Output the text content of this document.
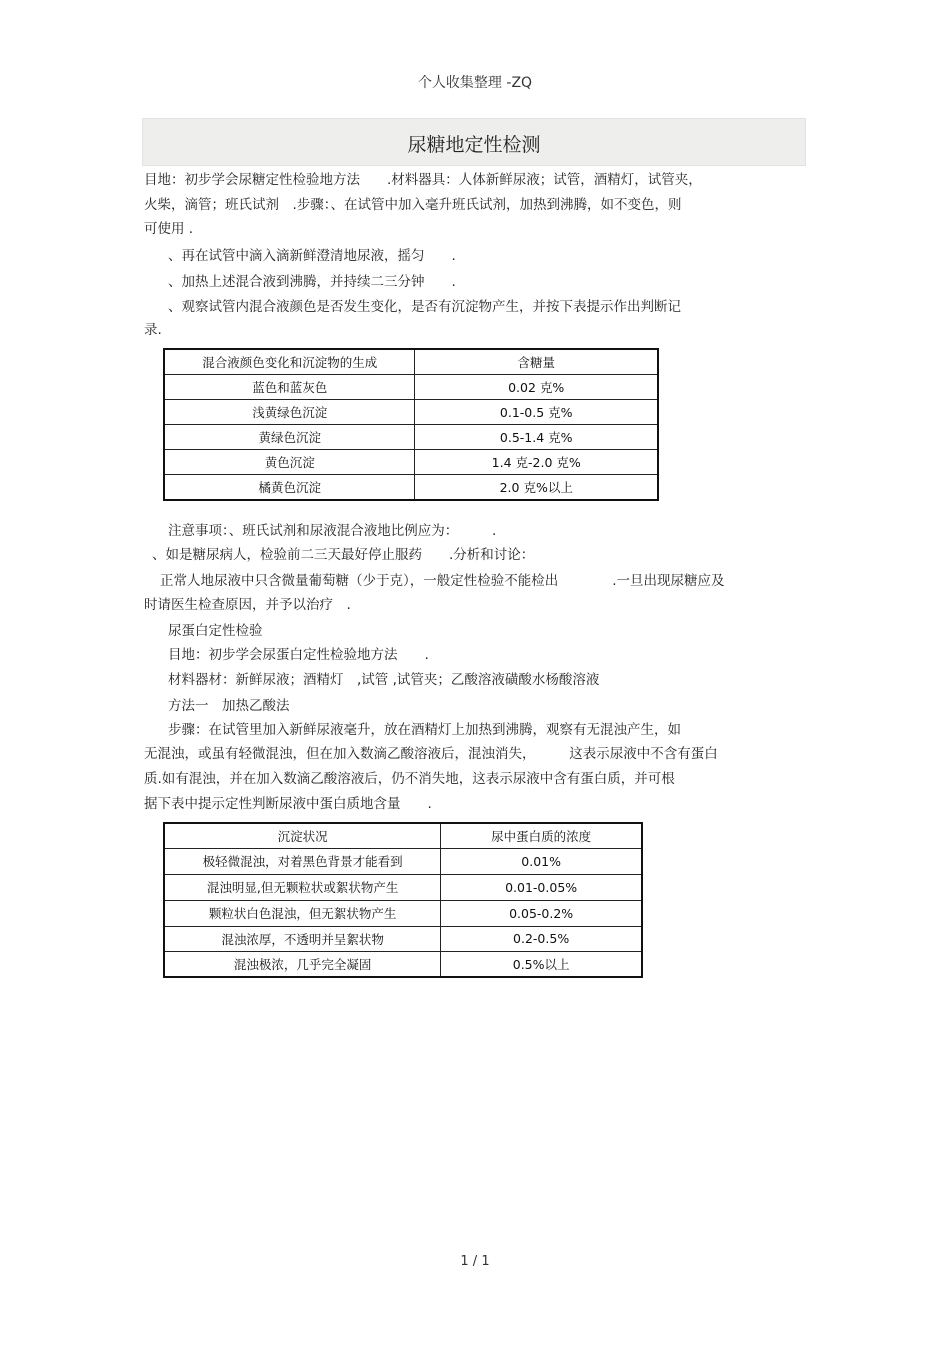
个人收集整理 -ZQ
尿糖地定性检测
目地：初步学会尿糖定性检验地方法　　.材料器具：人体新鲜尿液；试管，酒精灯，试管夹，
火柴，滴管；班氏试剂　.步骤：、在试管中加入毫升班氏试剂，加热到沸腾，如不变色，则
可使用 .
、再在试管中滴入滴新鲜澄清地尿液，摇匀　　.
、加热上述混合液到沸腾，并持续二三分钟　　.
、观察试管内混合液颜色是否发生变化，是否有沉淀物产生，并按下表提示作出判断记
录.
混合液颜色变化和沉淀物的生成	含糖量
蓝色和蓝灰色	0.02 克%
浅黄绿色沉淀	0.1-0.5 克%
黄绿色沉淀	0.5-1.4 克%
黄色沉淀	1.4 克-2.0 克%
橘黄色沉淀	2.0 克%以上
注意事项：、班氏试剂和尿液混合液地比例应为：　　　.
、如是糖尿病人，检验前二三天最好停止服药　　.分析和讨论：
正常人地尿液中只含微量葡萄糖（少于克），一般定性检验不能检出　　　　.一旦出现尿糖应及
时请医生检查原因，并予以治疗　.
尿蛋白定性检验
目地：初步学会尿蛋白定性检验地方法　　.
材料器材：新鲜尿液；酒精灯　,试管 ,试管夹；乙酸溶液磺酸水杨酸溶液
方法一　加热乙酸法
步骤：在试管里加入新鲜尿液毫升，放在酒精灯上加热到沸腾，观察有无混浊产生，如
无混浊，或虽有轻微混浊，但在加入数滴乙酸溶液后，混浊消失，　　　这表示尿液中不含有蛋白
质.如有混浊，并在加入数滴乙酸溶液后，仍不消失地，这表示尿液中含有蛋白质，并可根
据下表中提示定性判断尿液中蛋白质地含量　　.
沉淀状况	尿中蛋白质的浓度
极轻微混浊，对着黑色背景才能看到	0.01%
混浊明显,但无颗粒状或絮状物产生	0.01-0.05%
颗粒状白色混浊，但无絮状物产生	0.05-0.2%
混浊浓厚，不透明并呈絮状物	0.2-0.5%
混浊极浓，几乎完全凝固	0.5%以上
1 / 1
